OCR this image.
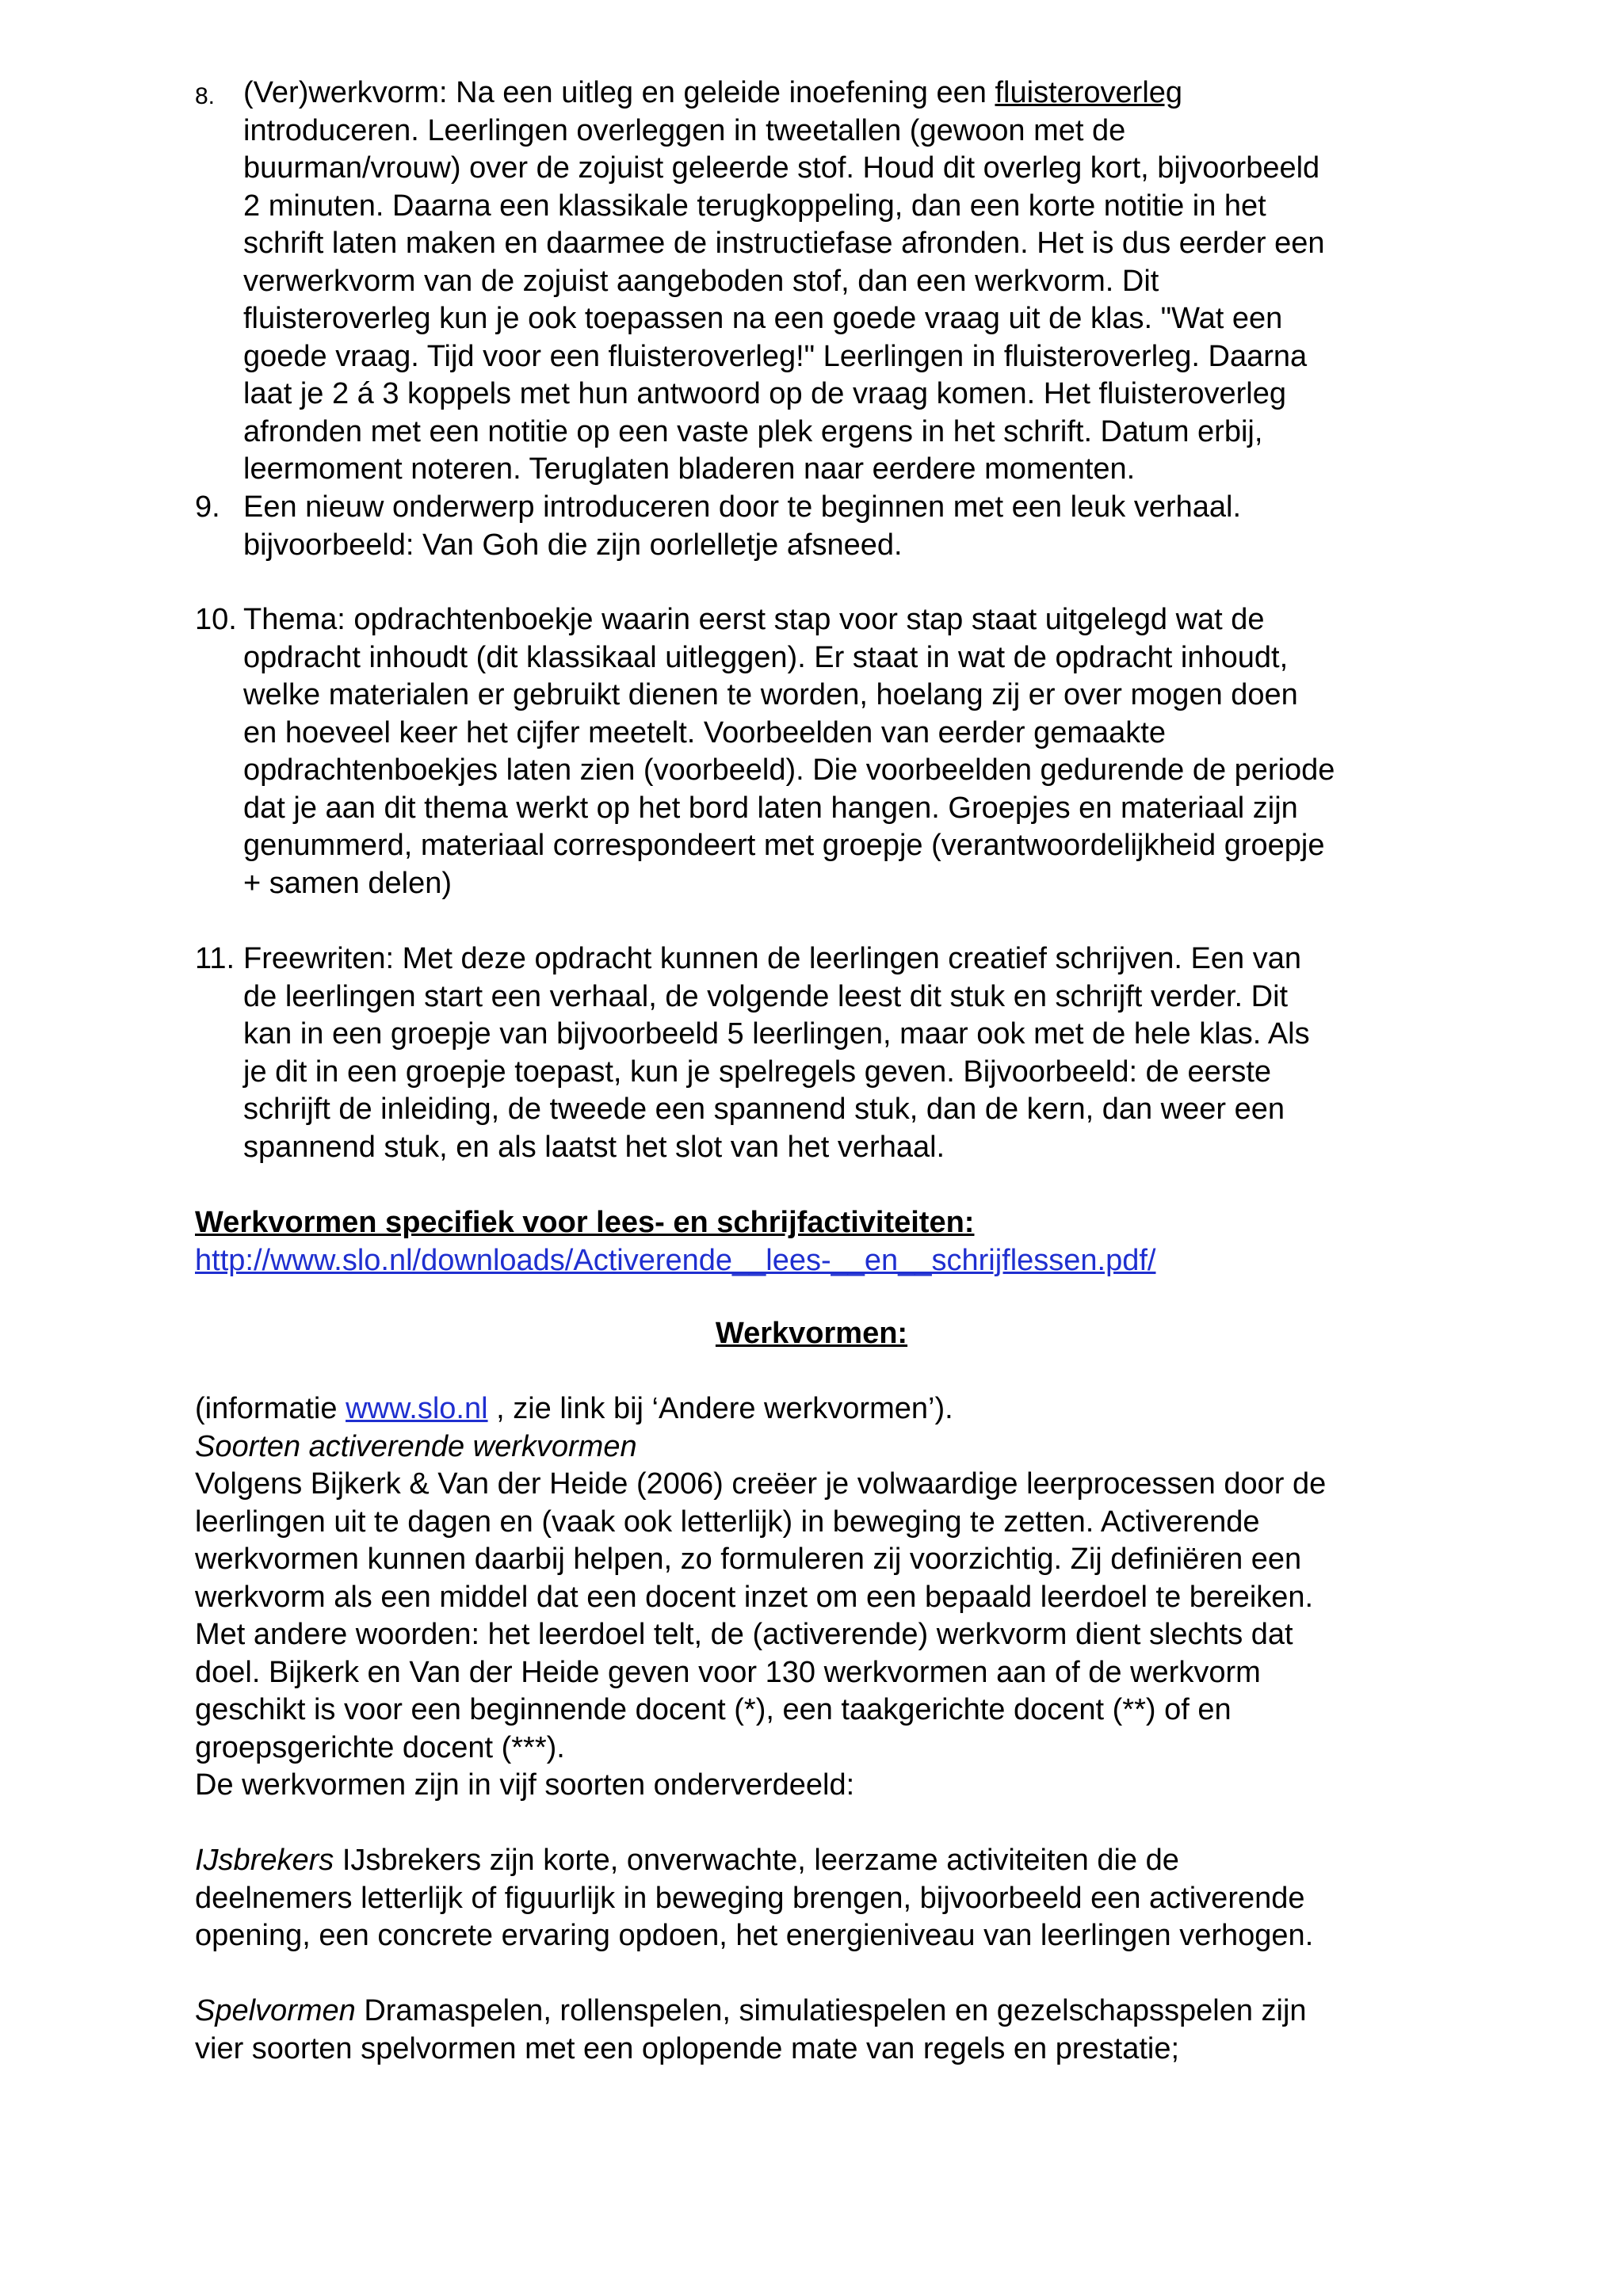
8. (Ver)werkvorm: Na een uitleg en geleide inoefening een fluisteroverleg
introduceren. Leerlingen overleggen in tweetallen (gewoon met de
buurman/vrouw) over de zojuist geleerde stof. Houd dit overleg kort, bijvoorbeeld
2 minuten. Daarna een klassikale terugkoppeling, dan een korte notitie in het
schrift laten maken en daarmee de instructiefase afronden. Het is dus eerder een
verwerkvorm van de zojuist aangeboden stof, dan een werkvorm. Dit
fluisteroverleg kun je ook toepassen na een goede vraag uit de klas. "Wat een
goede vraag. Tijd voor een fluisteroverleg!" Leerlingen in fluisteroverleg. Daarna
laat je 2 á 3 koppels met hun antwoord op de vraag komen. Het fluisteroverleg
afronden met een notitie op een vaste plek ergens in het schrift. Datum erbij,
leermoment noteren. Teruglaten bladeren naar eerdere momenten.
9. Een nieuw onderwerp introduceren door te beginnen met een leuk verhaal.
bijvoorbeeld: Van Goh die zijn oorlelletje afsneed.
10. Thema: opdrachtenboekje waarin eerst stap voor stap staat uitgelegd wat de
opdracht inhoudt (dit klassikaal uitleggen). Er staat in wat de opdracht inhoudt,
welke materialen er gebruikt dienen te worden, hoelang zij er over mogen doen
en hoeveel keer het cijfer meetelt. Voorbeelden van eerder gemaakte
opdrachtenboekjes laten zien (voorbeeld). Die voorbeelden gedurende de periode
dat je aan dit thema werkt op het bord laten hangen. Groepjes en materiaal zijn
genummerd, materiaal correspondeert met groepje (verantwoordelijkheid groepje
+ samen delen)
11. Freewriten: Met deze opdracht kunnen de leerlingen creatief schrijven. Een van
de leerlingen start een verhaal, de volgende leest dit stuk en schrijft verder. Dit
kan in een groepje van bijvoorbeeld 5 leerlingen, maar ook met de hele klas. Als
je dit in een groepje toepast, kun je spelregels geven. Bijvoorbeeld: de eerste
schrijft de inleiding, de tweede een spannend stuk, dan de kern, dan weer een
spannend stuk, en als laatst het slot van het verhaal.
Werkvormen specifiek voor lees- en schrijfactiviteiten:
http://www.slo.nl/downloads/Activerende__lees-__en__schrijflessen.pdf/
Werkvormen:
(informatie www.slo.nl , zie link bij ‘Andere werkvormen’).
Soorten activerende werkvormen
Volgens Bijkerk & Van der Heide (2006) creëer je volwaardige leerprocessen door de
leerlingen uit te dagen en (vaak ook letterlijk) in beweging te zetten. Activerende
werkvormen kunnen daarbij helpen, zo formuleren zij voorzichtig. Zij definiëren een
werkvorm als een middel dat een docent inzet om een bepaald leerdoel te bereiken.
Met andere woorden: het leerdoel telt, de (activerende) werkvorm dient slechts dat
doel. Bijkerk en Van der Heide geven voor 130 werkvormen aan of de werkvorm
geschikt is voor een beginnende docent (*), een taakgerichte docent (**) of en
groepsgerichte docent (***).
De werkvormen zijn in vijf soorten onderverdeeld:
IJsbrekers IJsbrekers zijn korte, onverwachte, leerzame activiteiten die de
deelnemers letterlijk of figuurlijk in beweging brengen, bijvoorbeeld een activerende
opening, een concrete ervaring opdoen, het energieniveau van leerlingen verhogen.
Spelvormen Dramaspelen, rollenspelen, simulatiespelen en gezelschapsspelen zijn
vier soorten spelvormen met een oplopende mate van regels en prestatie;
